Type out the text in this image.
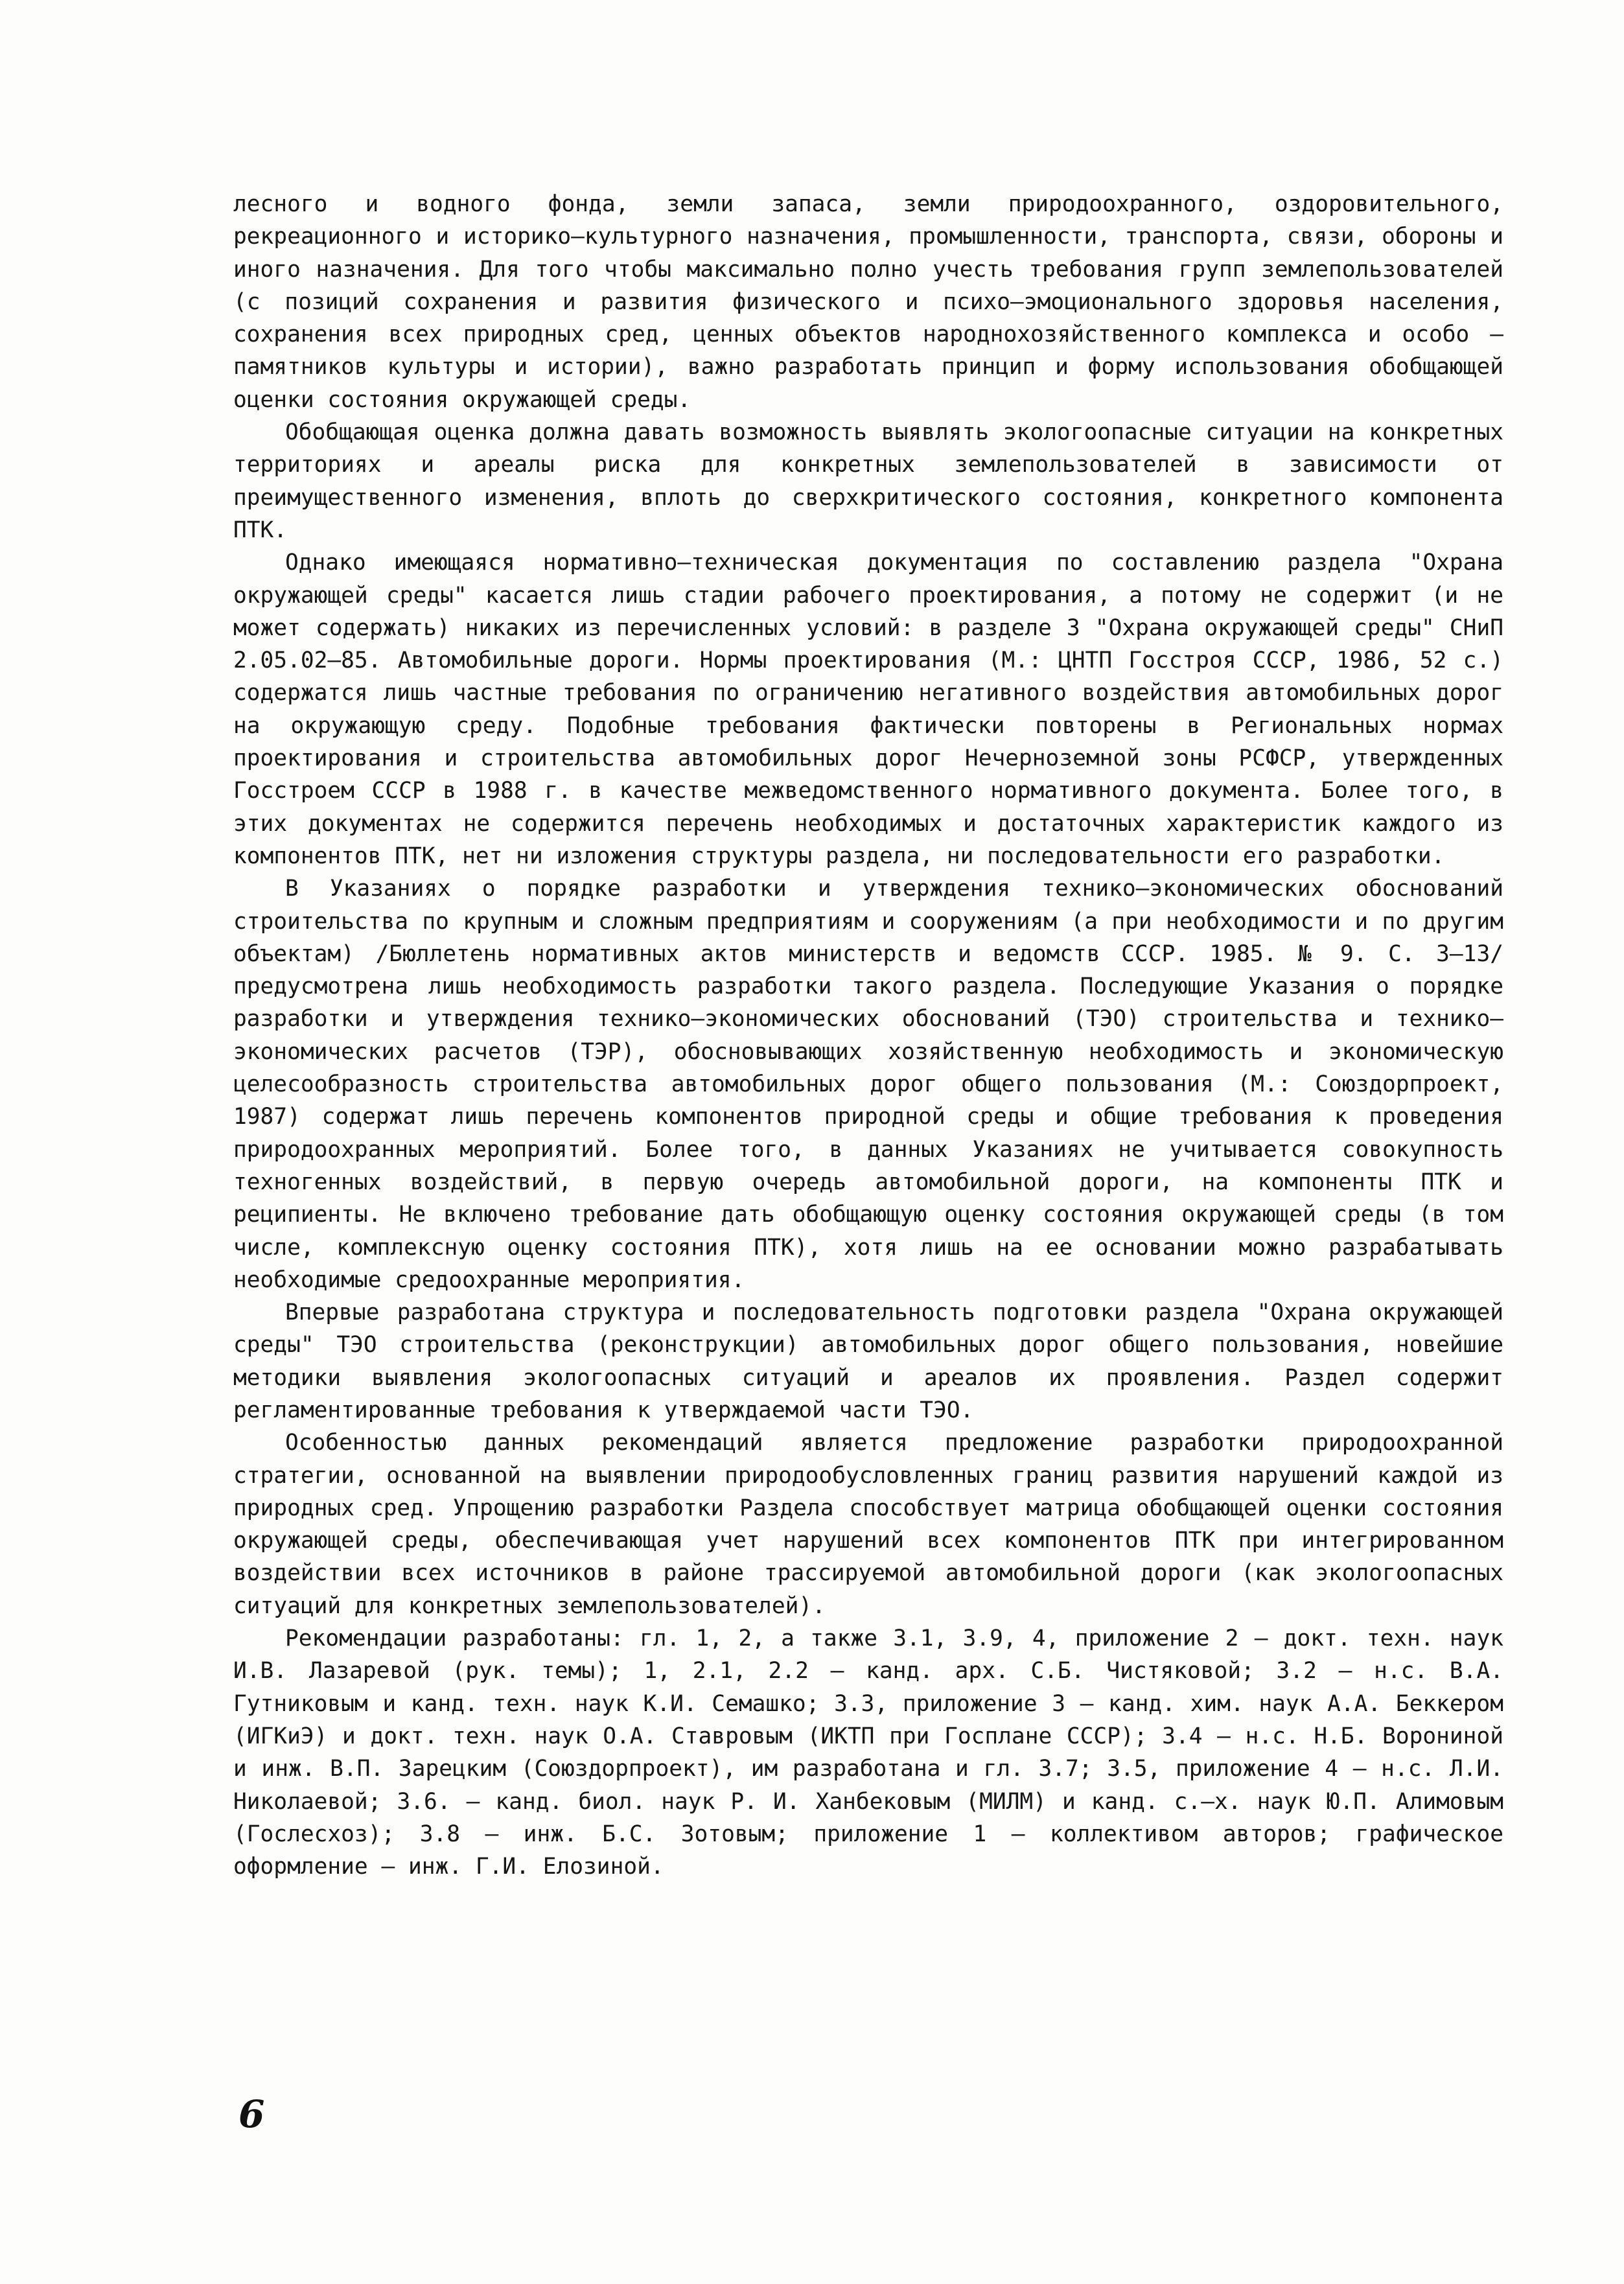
лесного и водного фонда, земли запаса, земли природоохранного, оздоровительного, рекреационного и историко–культурного назначения, промышленности, транспорта, связи, обороны и иного назначения. Для того чтобы максимально полно учесть требования групп землепользователей (с позиций сохранения и развития физического и психо–эмоционального здоровья населения, сохранения всех природных сред, ценных объектов народнохозяйственного комплекса и особо – памятников культуры и истории), важно разработать принцип и форму использования обобщающей оценки состояния окружающей среды.

Обобщающая оценка должна давать возможность выявлять экологоопасные ситуации на конкретных территориях и ареалы риска для конкретных землепользователей в зависимости от преимущественного изменения, вплоть до сверхкритического состояния, конкретного компонента ПТК.

Однако имеющаяся нормативно–техническая документация по составлению раздела "Охрана окружающей среды" касается лишь стадии рабочего проектирования, а потому не содержит (и не может содержать) никаких из перечисленных условий: в разделе 3 "Охрана окружающей среды" СНиП 2.05.02–85. Автомобильные дороги. Нормы проектирования (М.: ЦНТП Госстроя СССР, 1986, 52 с.) содержатся лишь частные требования по ограничению негативного воздействия автомобильных дорог на окружающую среду. Подобные требования фактически повторены в Региональных нормах проектирования и строительства автомобильных дорог Нечерноземной зоны РСФСР, утвержденных Госстроем СССР в 1988 г. в качестве межведомственного нормативного документа. Более того, в этих документах не содержится перечень необходимых и достаточных характеристик каждого из компонентов ПТК, нет ни изложения структуры раздела, ни последовательности его разработки.

В Указаниях о порядке разработки и утверждения технико–экономических обоснований строительства по крупным и сложным предприятиям и сооружениям (а при необходимости и по другим объектам) /Бюллетень нормативных актов министерств и ведомств СССР. 1985. № 9. С. 3–13/ предусмотрена лишь необходимость разработки такого раздела. Последующие Указания о порядке разработки и утверждения технико–экономических обоснований (ТЭО) строительства и технико–экономических расчетов (ТЭР), обосновывающих хозяйственную необходимость и экономическую целесообразность строительства автомобильных дорог общего пользования (М.: Союздорпроект, 1987) содержат лишь перечень компонентов природной среды и общие требования к проведения природоохранных мероприятий. Более того, в данных Указаниях не учитывается совокупность техногенных воздействий, в первую очередь автомобильной дороги, на компоненты ПТК и реципиенты. Не включено требование дать обобщающую оценку состояния окружающей среды (в том числе, комплексную оценку состояния ПТК), хотя лишь на ее основании можно разрабатывать необходимые средоохранные мероприятия.

Впервые разработана структура и последовательность подготовки раздела "Охрана окружающей среды" ТЭО строительства (реконструкции) автомобильных дорог общего пользования, новейшие методики выявления экологоопасных ситуаций и ареалов их проявления. Раздел содержит регламентированные требования к утверждаемой части ТЭО.

Особенностью данных рекомендаций является предложение разработки природоохранной стратегии, основанной на выявлении природообусловленных границ развития нарушений каждой из природных сред. Упрощению разработки Раздела способствует матрица обобщающей оценки состояния окружающей среды, обеспечивающая учет нарушений всех компонентов ПТК при интегрированном воздействии всех источников в районе трассируемой автомобильной дороги (как экологоопасных ситуаций для конкретных землепользователей).

Рекомендации разработаны: гл. 1, 2, а также 3.1, 3.9, 4, приложение 2 – докт. техн. наук И.В. Лазаревой (рук. темы); 1, 2.1, 2.2 – канд. арх. С.Б. Чистяковой; 3.2 – н.с. В.А. Гутниковым и канд. техн. наук К.И. Семашко; 3.3, приложение 3 – канд. хим. наук А.А. Беккером (ИГКиЭ) и докт. техн. наук О.А. Ставровым (ИКТП при Госплане СССР); 3.4 – н.с. Н.Б. Ворониной и инж. В.П. Зарецким (Союздорпроект), им разработана и гл. 3.7; 3.5, приложение 4 – н.с. Л.И. Николаевой; 3.6. – канд. биол. наук Р. И. Ханбековым (МИЛМ) и канд. с.–х. наук Ю.П. Алимовым (Гослесхоз); 3.8 – инж. Б.С. Зотовым; приложение 1 – коллективом авторов; графическое оформление – инж. Г.И. Елозиной.

6
